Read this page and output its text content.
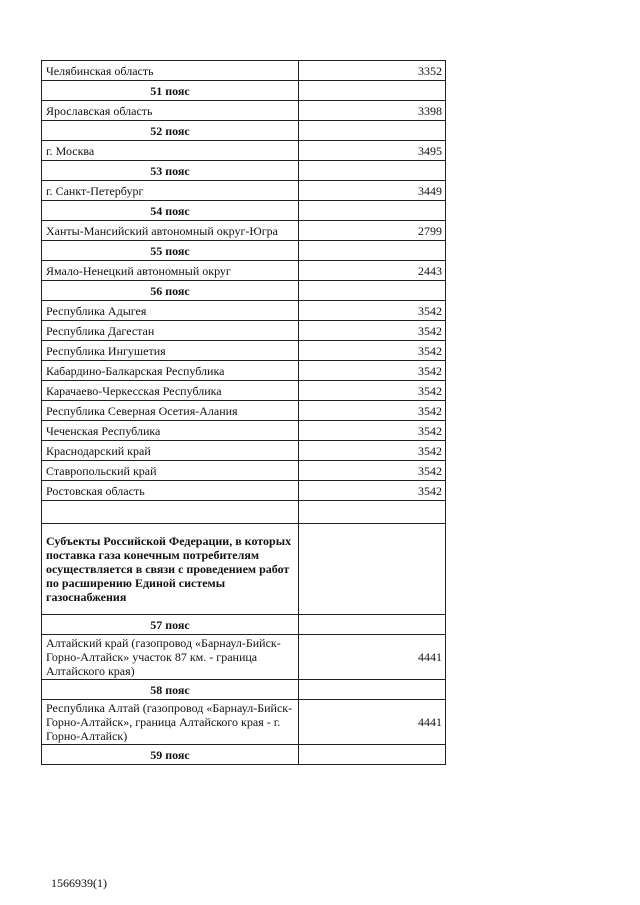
Челябинская область	3352
51 пояс	
Ярославская область	3398
52 пояс	
г. Москва	3495
53 пояс	
г. Санкт-Петербург	3449
54 пояс	
Ханты-Мансийский автономный округ-Югра	2799
55 пояс	
Ямало-Ненецкий автономный округ	2443
56 пояс	
Республика Адыгея	3542
Республика Дагестан	3542
Республика Ингушетия	3542
Кабардино-Балкарская Республика	3542
Карачаево-Черкесская Республика	3542
Республика Северная Осетия-Алания	3542
Чеченская Республика	3542
Краснодарский край	3542
Ставропольский край	3542
Ростовская область	3542

Субъекты Российской Федерации, в которых поставка газа конечным потребителям осуществляется в связи с проведением работ по расширению Единой системы газоснабжения	
57 пояс	
Алтайский край (газопровод «Барнаул-Бийск-Горно-Алтайск» участок 87 км. - граница Алтайского края)	4441
58 пояс	
Республика Алтай (газопровод «Барнаул-Бийск-Горно-Алтайск», граница Алтайского края - г. Горно-Алтайск)	4441
59 пояс	
1566939(1)
